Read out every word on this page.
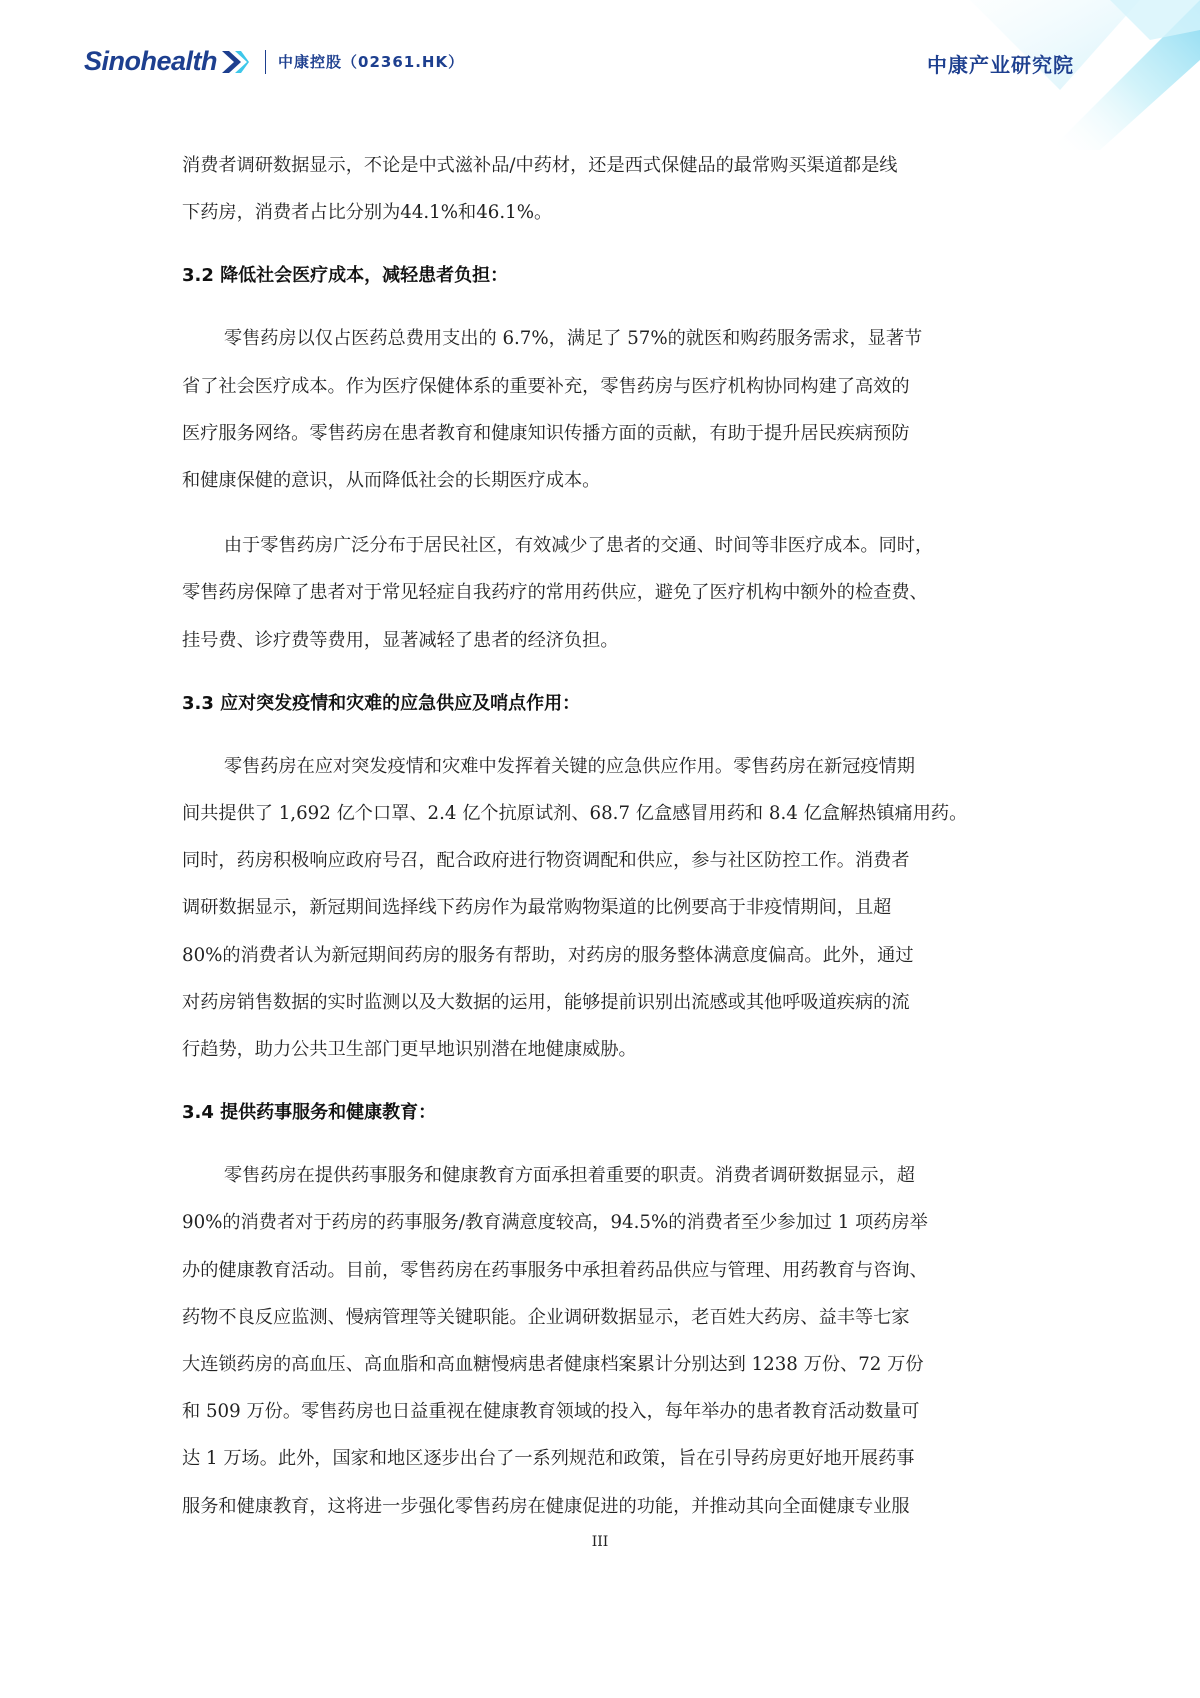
Sinohealth	中康控股（02361.HK）	中康产业研究院

消费者调研数据显示，不论是中式滋补品/中药材，还是西式保健品的最常购买渠道都是线

下药房，消费者占比分别为44.1%和46.1%。

3.2 降低社会医疗成本，减轻患者负担：

零售药房以仅占医药总费用支出的 6.7%，满足了 57%的就医和购药服务需求，显著节

省了社会医疗成本。作为医疗保健体系的重要补充，零售药房与医疗机构协同构建了高效的

医疗服务网络。零售药房在患者教育和健康知识传播方面的贡献，有助于提升居民疾病预防

和健康保健的意识，从而降低社会的长期医疗成本。

由于零售药房广泛分布于居民社区，有效减少了患者的交通、时间等非医疗成本。同时，

零售药房保障了患者对于常见轻症自我药疗的常用药供应，避免了医疗机构中额外的检查费、

挂号费、诊疗费等费用，显著减轻了患者的经济负担。

3.3 应对突发疫情和灾难的应急供应及哨点作用：

零售药房在应对突发疫情和灾难中发挥着关键的应急供应作用。零售药房在新冠疫情期

间共提供了 1,692 亿个口罩、2.4 亿个抗原试剂、68.7 亿盒感冒用药和 8.4 亿盒解热镇痛用药。

同时，药房积极响应政府号召，配合政府进行物资调配和供应，参与社区防控工作。消费者

调研数据显示，新冠期间选择线下药房作为最常购物渠道的比例要高于非疫情期间，且超

80%的消费者认为新冠期间药房的服务有帮助，对药房的服务整体满意度偏高。此外，通过

对药房销售数据的实时监测以及大数据的运用，能够提前识别出流感或其他呼吸道疾病的流

行趋势，助力公共卫生部门更早地识别潜在地健康威胁。

3.4 提供药事服务和健康教育：

零售药房在提供药事服务和健康教育方面承担着重要的职责。消费者调研数据显示，超

90%的消费者对于药房的药事服务/教育满意度较高，94.5%的消费者至少参加过 1 项药房举

办的健康教育活动。目前，零售药房在药事服务中承担着药品供应与管理、用药教育与咨询、

药物不良反应监测、慢病管理等关键职能。企业调研数据显示，老百姓大药房、益丰等七家

大连锁药房的高血压、高血脂和高血糖慢病患者健康档案累计分别达到 1238 万份、72 万份

和 509 万份。零售药房也日益重视在健康教育领域的投入，每年举办的患者教育活动数量可

达 1 万场。此外，国家和地区逐步出台了一系列规范和政策，旨在引导药房更好地开展药事

服务和健康教育，这将进一步强化零售药房在健康促进的功能，并推动其向全面健康专业服

III
